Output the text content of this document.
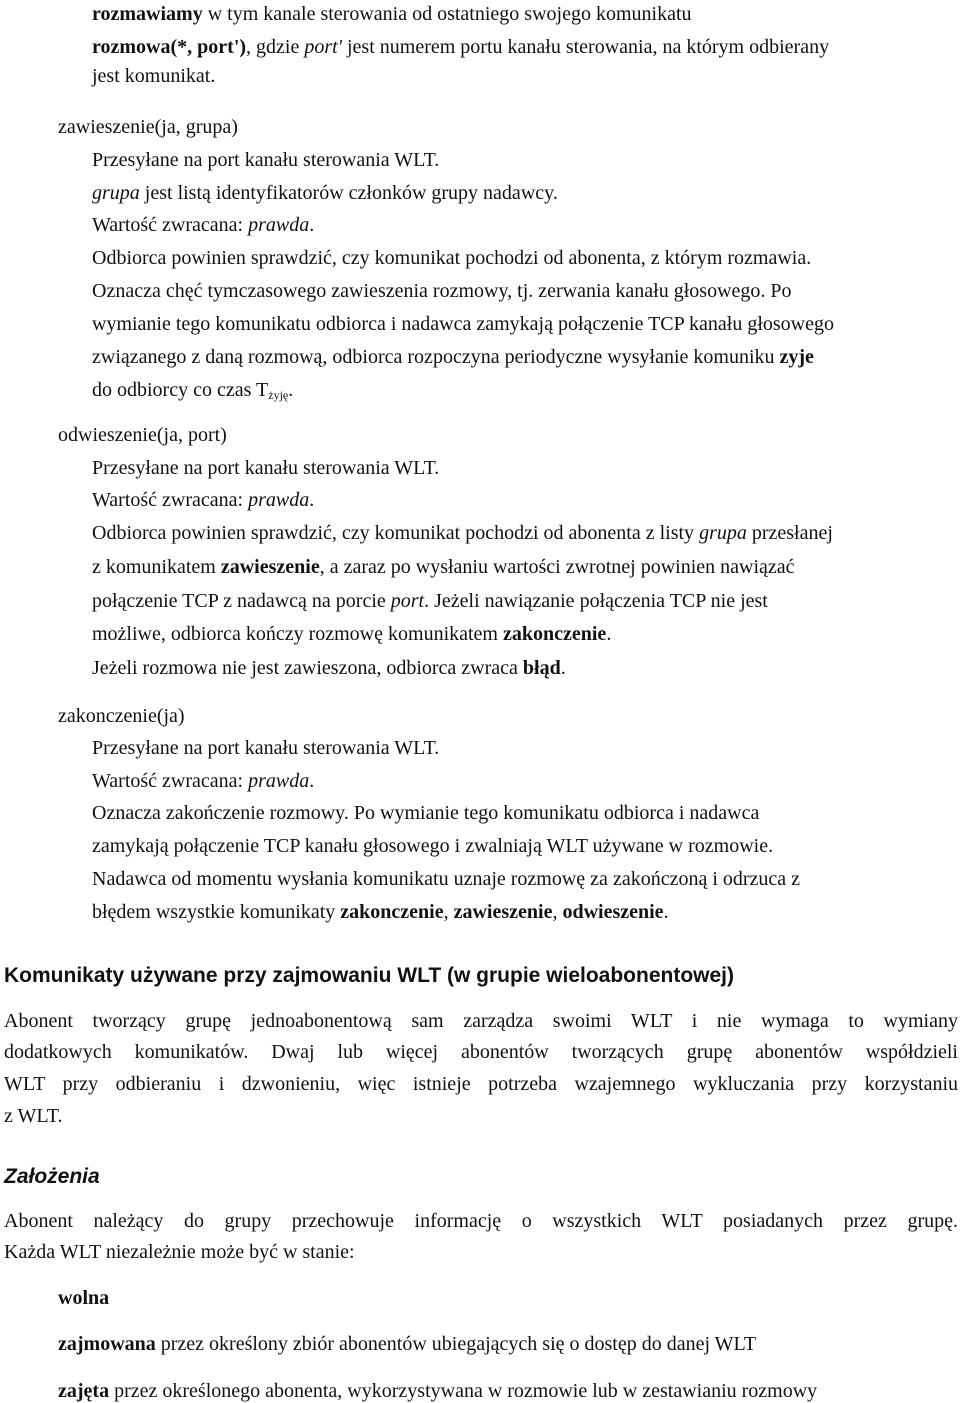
rozmawiamy w tym kanale sterowania od ostatniego swojego komunikatu
rozmowa(*, port'), gdzie port' jest numerem portu kanału sterowania, na którym odbierany
jest komunikat.
zawieszenie(ja, grupa)
Przesyłane na port kanału sterowania WLT.
grupa jest listą identyfikatorów członków grupy nadawcy.
Wartość zwracana: prawda.
Odbiorca powinien sprawdzić, czy komunikat pochodzi od abonenta, z którym rozmawia.
Oznacza chęć tymczasowego zawieszenia rozmowy, tj. zerwania kanału głosowego. Po
wymianie tego komunikatu odbiorca i nadawca zamykają połączenie TCP kanału głosowego
związanego z daną rozmową, odbiorca rozpoczyna periodyczne wysyłanie komuniku zyje
do odbiorcy co czas $T_{żyję}$.
odwieszenie(ja, port)
Przesyłane na port kanału sterowania WLT.
Wartość zwracana: prawda.
Odbiorca powinien sprawdzić, czy komunikat pochodzi od abonenta z listy grupa przesłanej
z komunikatem zawieszenie, a zaraz po wysłaniu wartości zwrotnej powinien nawiązać
połączenie TCP z nadawcą na porcie port. Jeżeli nawiązanie połączenia TCP nie jest
możliwe, odbiorca kończy rozmowę komunikatem zakonczenie.
Jeżeli rozmowa nie jest zawieszona, odbiorca zwraca błąd.
zakonczenie(ja)
Przesyłane na port kanału sterowania WLT.
Wartość zwracana: prawda.
Oznacza zakończenie rozmowy. Po wymianie tego komunikatu odbiorca i nadawca
zamykają połączenie TCP kanału głosowego i zwalniają WLT używane w rozmowie.
Nadawca od momentu wysłania komunikatu uznaje rozmowę za zakończoną i odrzuca z
błędem wszystkie komunikaty zakonczenie, zawieszenie, odwieszenie.
Komunikaty używane przy zajmowaniu WLT (w grupie wieloabonentowej)
Abonent tworzący grupę jednoabonentową sam zarządza swoimi WLT i nie wymaga to wymiany
dodatkowych komunikatów. Dwaj lub więcej abonentów tworzących grupę abonentów współdzieli
WLT przy odbieraniu i dzwonieniu, więc istnieje potrzeba wzajemnego wykluczania przy korzystaniu
z WLT.
Założenia
Abonent należący do grupy przechowuje informację o wszystkich WLT posiadanych przez grupę.
Każda WLT niezależnie może być w stanie:
wolna
zajmowana przez określony zbiór abonentów ubiegających się o dostęp do danej WLT
zajęta przez określonego abonenta, wykorzystywana w rozmowie lub w zestawianiu rozmowy
